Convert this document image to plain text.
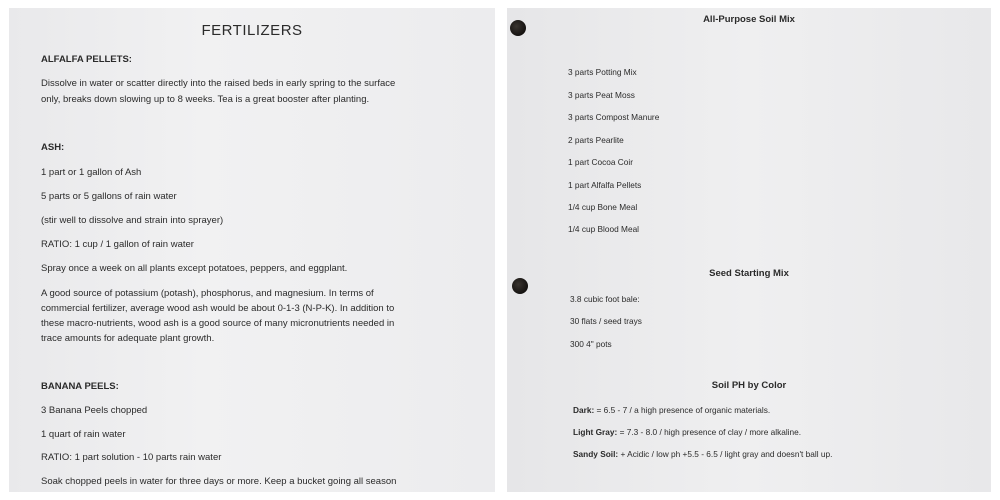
FERTILIZERS
ALFALFA PELLETS:
Dissolve in water or scatter directly into the raised beds in early spring to the surface
only, breaks down slowing up to 8 weeks. Tea is a great booster after planting.
ASH:
1 part or 1 gallon of Ash
5 parts or 5 gallons of rain water
(stir well to dissolve and strain into sprayer)
RATIO: 1 cup / 1 gallon of rain water
Spray once a week on all plants except potatoes, peppers, and eggplant.
A good source of potassium (potash), phosphorus, and magnesium. In terms of
commercial fertilizer, average wood ash would be about 0-1-3 (N-P-K). In addition to
these macro-nutrients, wood ash is a good source of many micronutrients needed in
trace amounts for adequate plant growth.
BANANA PEELS:
3 Banana Peels chopped
1 quart of rain water
RATIO: 1 part solution - 10 parts rain water
Soak chopped peels in water for three days or more. Keep a bucket going all season
All-Purpose Soil Mix
3 parts Potting Mix
3 parts Peat Moss
3 parts Compost Manure
2 parts Pearlite
1 part Cocoa Coir
1 part Alfalfa Pellets
1/4 cup Bone Meal
1/4 cup Blood Meal
Seed Starting Mix
3.8 cubic foot bale:
30 flats / seed trays
300 4" pots
Soil PH by Color
Dark: = 6.5 - 7 / a high presence of organic materials.
Light Gray: = 7.3 - 8.0 / high presence of clay / more alkaline.
Sandy Soil: + Acidic / low ph +5.5 - 6.5 / light gray and doesn't ball up.
